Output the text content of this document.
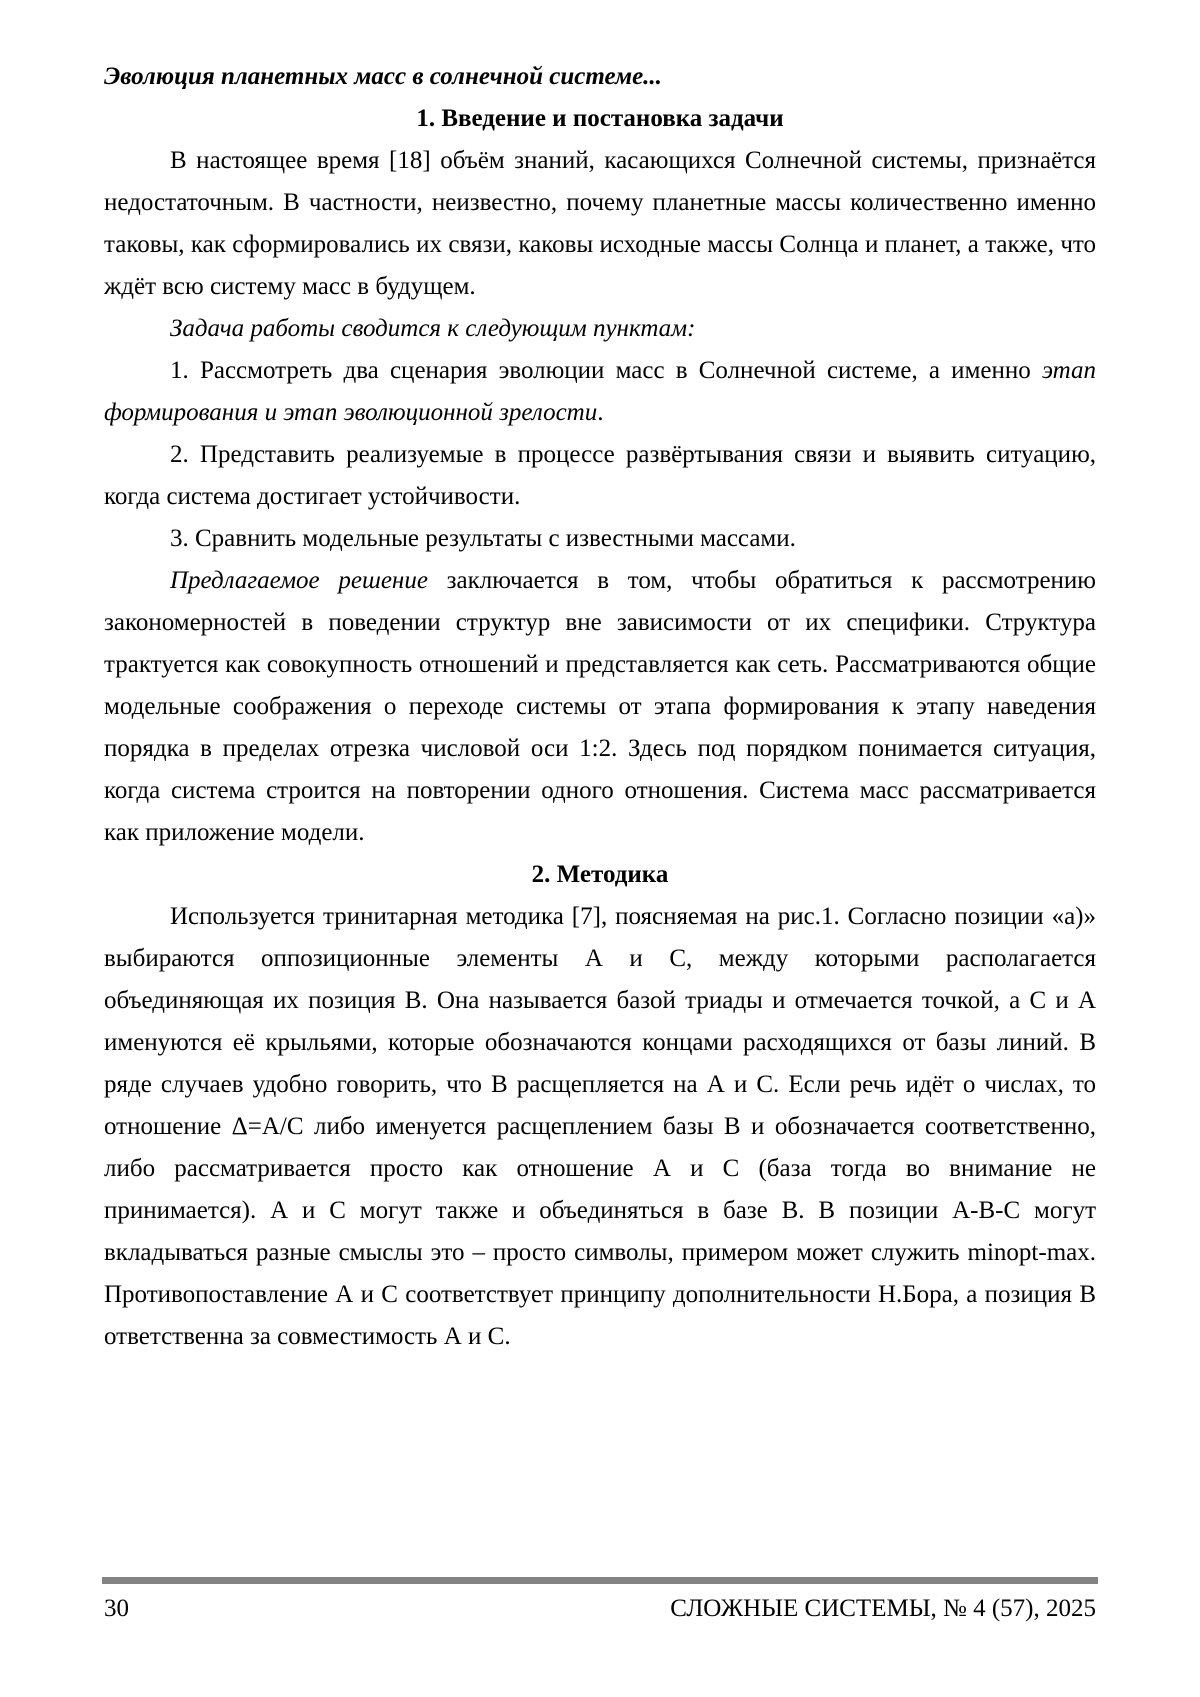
Эволюция планетных масс в солнечной системе...
1. Введение и постановка задачи

В настоящее время [18] объём знаний, касающихся Солнечной системы, признаётся недостаточным. В частности, неизвестно, почему планетные массы количественно именно таковы, как сформировались их связи, каковы исходные массы Солнца и планет, а также, что ждёт всю систему масс в будущем.

Задача работы сводится к следующим пунктам:

1. Рассмотреть два сценария эволюции масс в Солнечной системе, а именно этап формирования и этап эволюционной зрелости.

2. Представить реализуемые в процессе развёртывания связи и выявить ситуацию, когда система достигает устойчивости.

3. Сравнить модельные результаты с известными массами.

Предлагаемое решение заключается в том, чтобы обратиться к рассмотрению закономерностей в поведении структур вне зависимости от их специфики. Структура трактуется как совокупность отношений и представляется как сеть. Рассматриваются общие модельные соображения о переходе системы от этапа формирования к этапу наведения порядка в пределах отрезка числовой оси 1:2. Здесь под порядком понимается ситуация, когда система строится на повторении одного отношения. Система масс рассматривается как приложение модели.

2. Методика

Используется тринитарная методика [7], поясняемая на рис.1. Согласно позиции «а)» выбираются оппозиционные элементы А и С, между которыми располагается объединяющая их позиция В. Она называется базой триады и отмечается точкой, а С и А именуются её крыльями, которые обозначаются концами расходящихся от базы линий. В ряде случаев удобно говорить, что В расщепляется на А и С. Если речь идёт о числах, то отношение Δ=А/С либо именуется расщеплением базы В и обозначается соответственно, либо рассматривается просто как отношение А и С (база тогда во внимание не принимается). А и С могут также и объединяться в базе В. В позиции А-В-С могут вкладываться разные смыслы это – просто символы, примером может служить minopt-max. Противопоставление А и С соответствует принципу дополнительности Н.Бора, а позиция В ответственна за совместимость А и С.

30	СЛОЖНЫЕ СИСТЕМЫ, № 4 (57), 2025
